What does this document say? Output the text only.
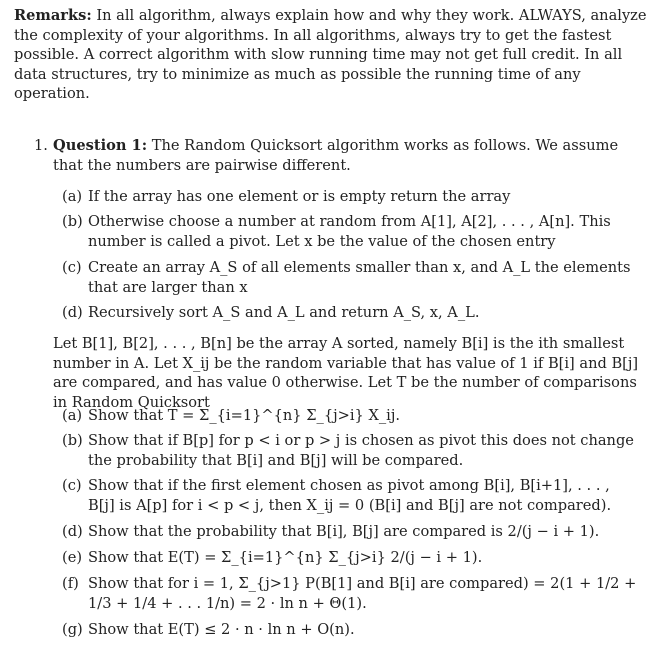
Remarks: In all algorithm, always explain how and why they work. ALWAYS, analyze the complexity of your algorithms. In all algorithms, always try to get the fastest possible. A correct algorithm with slow running time may not get full credit. In all data structures, try to minimize as much as possible the running time of any operation.
1. Question 1: The Random Quicksort algorithm works as follows. We assume that the numbers are pairwise different.
(a) If the array has one element or is empty return the array
(b) Otherwise choose a number at random from A[1], A[2], . . . , A[n]. This number is called a pivot. Let x be the value of the chosen entry
(c) Create an array A_S of all elements smaller than x, and A_L the elements that are larger than x
(d) Recursively sort A_S and A_L and return A_S, x, A_L.
Let B[1], B[2], . . . , B[n] be the array A sorted, namely B[i] is the ith smallest number in A. Let X_ij be the random variable that has value of 1 if B[i] and B[j] are compared, and has value 0 otherwise. Let T be the number of comparisons in Random Quicksort
(a) Show that T = Σ_{i=1}^{n} Σ_{j>i} X_ij.
(b) Show that if B[p] for p < i or p > j is chosen as pivot this does not change the probability that B[i] and B[j] will be compared.
(c) Show that if the first element chosen as pivot among B[i], B[i+1], . . . , B[j] is A[p] for i < p < j, then X_ij = 0 (B[i] and B[j] are not compared).
(d) Show that the probability that B[i], B[j] are compared is 2/(j − i + 1).
(e) Show that E(T) = Σ_{i=1}^{n} Σ_{j>i} 2/(j − i + 1).
(f) Show that for i = 1, Σ_{j>1} P(B[1] and B[i] are compared) = 2(1 + 1/2 + 1/3 + 1/4 + . . . 1/n) = 2 · ln n + Θ(1).
(g) Show that E(T) ≤ 2 · n · ln n + O(n).
